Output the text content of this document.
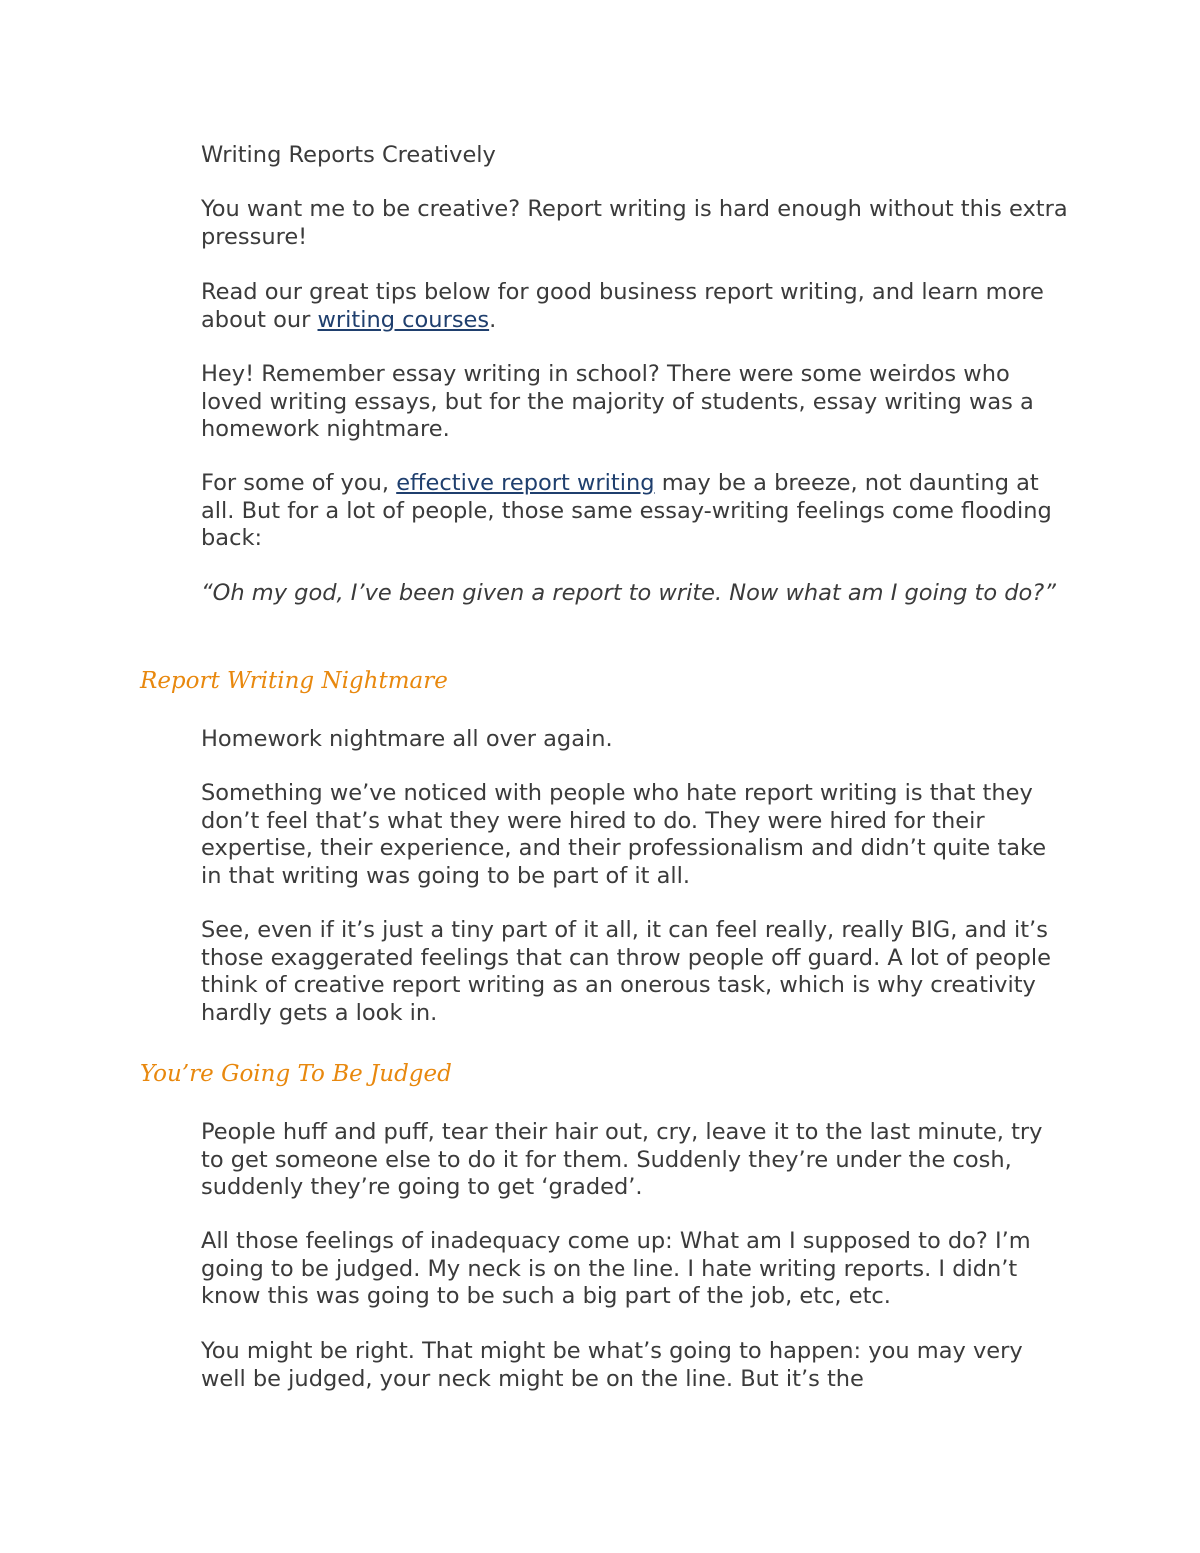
Writing Reports Creatively

You want me to be creative? Report writing is hard enough without this extra pressure!

Read our great tips below for good business report writing, and learn more about our writing courses.

Hey! Remember essay writing in school? There were some weirdos who loved writing essays, but for the majority of students, essay writing was a homework nightmare.

For some of you, effective report writing may be a breeze, not daunting at all. But for a lot of people, those same essay-writing feelings come flooding back:

“Oh my god, I’ve been given a report to write. Now what am I going to do?”

Report Writing Nightmare

Homework nightmare all over again.

Something we’ve noticed with people who hate report writing is that they don’t feel that’s what they were hired to do. They were hired for their expertise, their experience, and their professionalism and didn’t quite take in that writing was going to be part of it all.

See, even if it’s just a tiny part of it all, it can feel really, really BIG, and it’s those exaggerated feelings that can throw people off guard. A lot of people think of creative report writing as an onerous task, which is why creativity hardly gets a look in.

You’re Going To Be Judged

People huff and puff, tear their hair out, cry, leave it to the last minute, try to get someone else to do it for them. Suddenly they’re under the cosh, suddenly they’re going to get ‘graded’.

All those feelings of inadequacy come up: What am I supposed to do? I’m going to be judged. My neck is on the line. I hate writing reports. I didn’t know this was going to be such a big part of the job, etc, etc.

You might be right. That might be what’s going to happen: you may very well be judged, your neck might be on the line. But it’s the
